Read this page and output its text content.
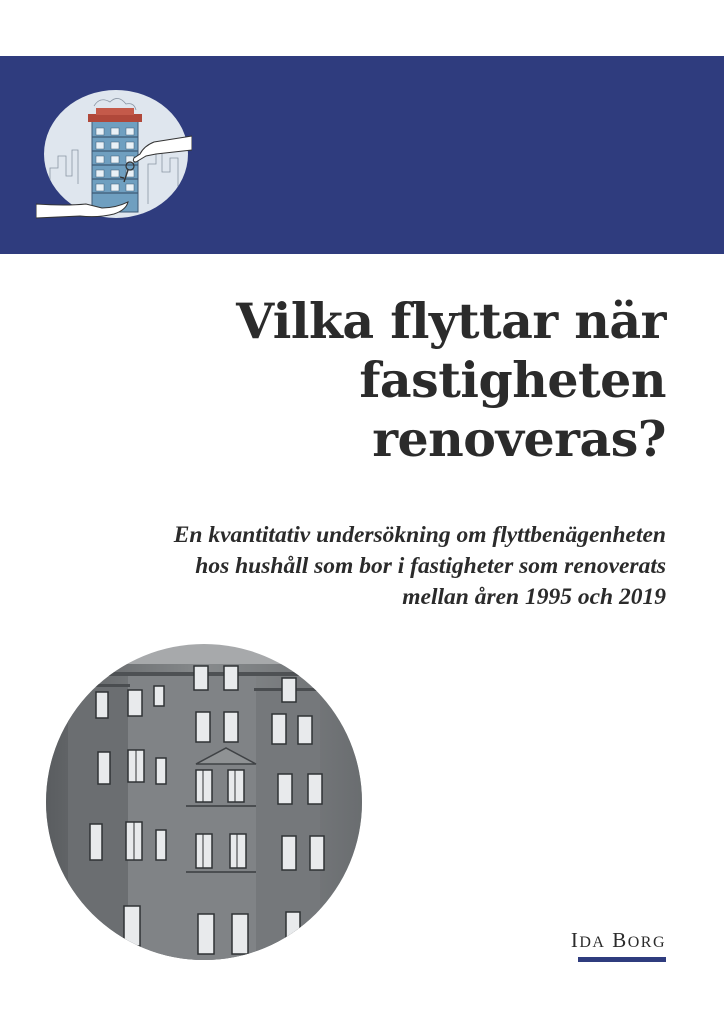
Vilka flyttar när
fastigheten
renoveras?

En kvantitativ undersökning om flyttbenägenheten
hos hushåll som bor i fastigheter som renoverats
mellan åren 1995 och 2019

IDA BORG
